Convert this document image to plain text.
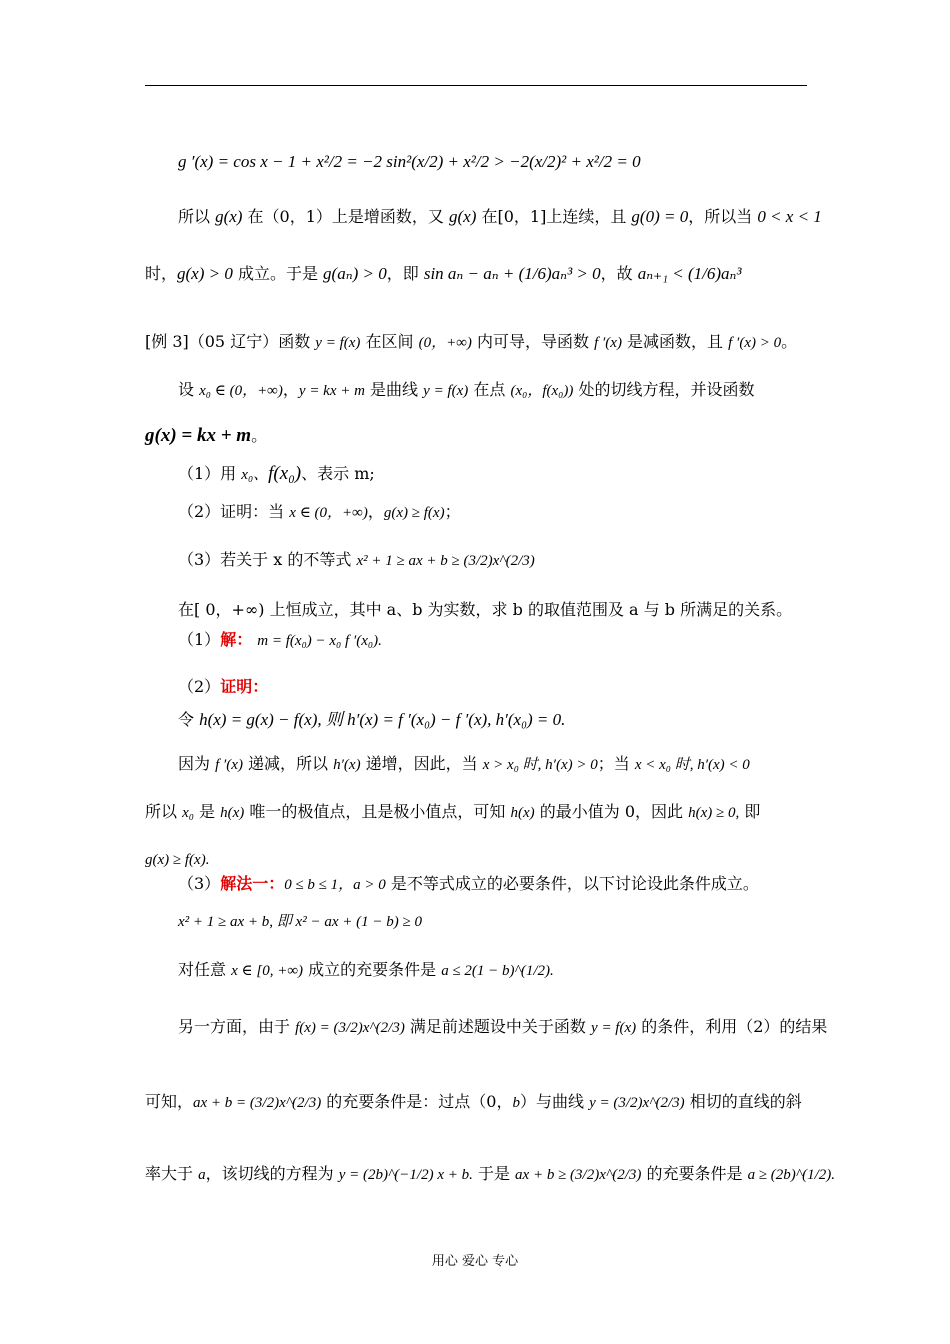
g ′(x) = cos x − 1 + x²/2 = −2 sin²(x/2) + x²/2 > −2(x/2)² + x²/2 = 0
所以 g(x) 在（0，1）上是增函数，又 g(x) 在[0，1]上连续，且 g(0) = 0，所以当 0 < x < 1
时，g(x) > 0 成立。于是 g(aₙ) > 0，即 sin aₙ − aₙ + (1/6)aₙ³ > 0，故 aₙ₊₁ < (1/6)aₙ³
[例 3]（05 辽宁）函数 y = f(x) 在区间 (0，+∞) 内可导，导函数 f ′(x) 是减函数，且 f ′(x) > 0。
设 x₀ ∈ (0，+∞)，y = kx + m 是曲线 y = f(x) 在点 (x₀，f(x₀)) 处的切线方程，并设函数
g(x) = kx + m。
（1）用 x₀、f(x₀)、表示 m;
（2）证明：当 x ∈ (0，+∞)，g(x) ≥ f(x)；
（3）若关于 x 的不等式 x² + 1 ≥ ax + b ≥ (3/2)x^(2/3)
在[ 0，+∞) 上恒成立，其中 a、b 为实数，求 b 的取值范围及 a 与 b 所满足的关系。
（1）解： m = f(x₀) − x₀ f ′(x₀).
（2）证明：
令 h(x) = g(x) − f(x), 则 h′(x) = f ′(x₀) − f ′(x), h′(x₀) = 0.
因为 f ′(x) 递减，所以 h′(x) 递增，因此，当 x > x₀ 时, h′(x) > 0；当 x < x₀ 时, h′(x) < 0
所以 x₀ 是 h(x) 唯一的极值点，且是极小值点，可知 h(x) 的最小值为 0，因此 h(x) ≥ 0, 即
g(x) ≥ f(x).
（3）解法一：0 ≤ b ≤ 1，a > 0 是不等式成立的必要条件，以下讨论设此条件成立。
x² + 1 ≥ ax + b, 即 x² − ax + (1 − b) ≥ 0
对任意 x ∈ [0, +∞) 成立的充要条件是 a ≤ 2(1 − b)^(1/2).
另一方面，由于 f(x) = (3/2)x^(2/3) 满足前述题设中关于函数 y = f(x) 的条件，利用（2）的结果
可知，ax + b = (3/2)x^(2/3) 的充要条件是：过点（0，b）与曲线 y = (3/2)x^(2/3) 相切的直线的斜
率大于 a，该切线的方程为 y = (2b)^(−1/2) x + b. 于是 ax + b ≥ (3/2)x^(2/3) 的充要条件是 a ≥ (2b)^(1/2).
用心 爱心 专心
